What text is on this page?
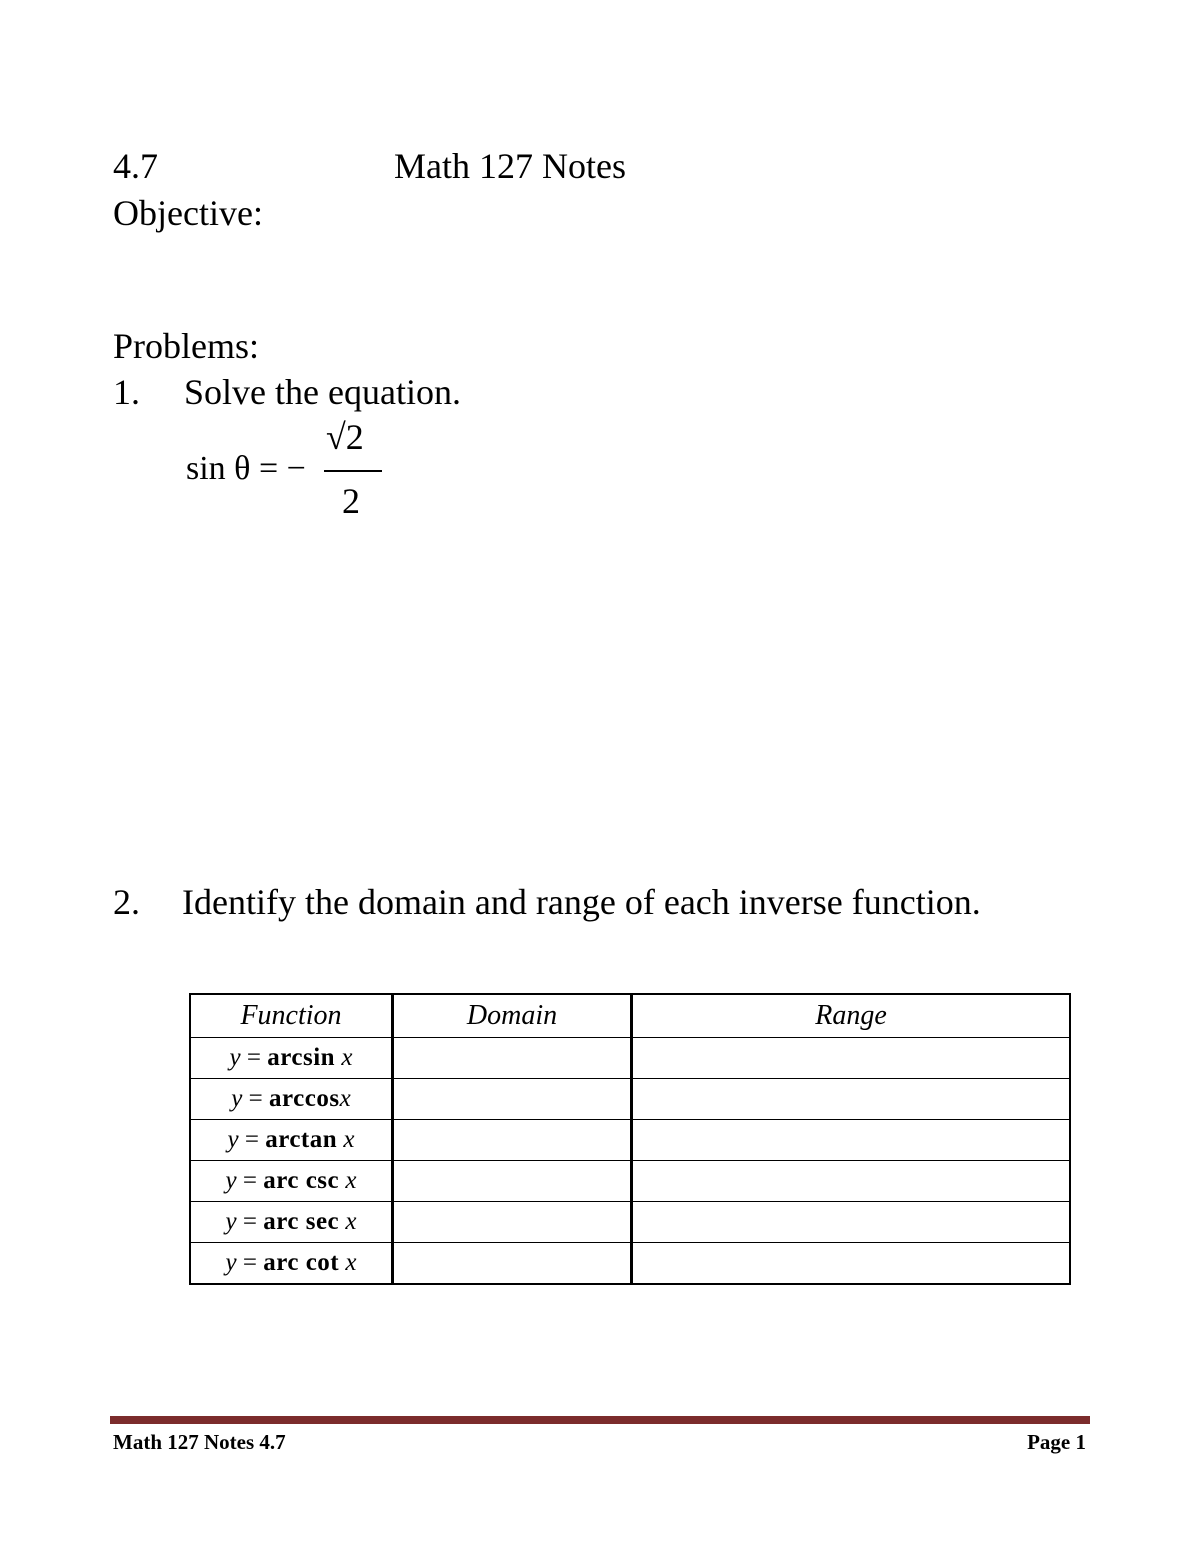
4.7	Math 127 Notes
Objective:
Problems:
1. Solve the equation.
sin θ = −
√2
2
2. Identify the domain and range of each inverse function.
Function	Domain	Range
y = arcsin x		
y = arccosx		
y = arctan x		
y = arc csc x		
y = arc sec x		
y = arc cot x		
Math 127 Notes 4.7	Page 1
